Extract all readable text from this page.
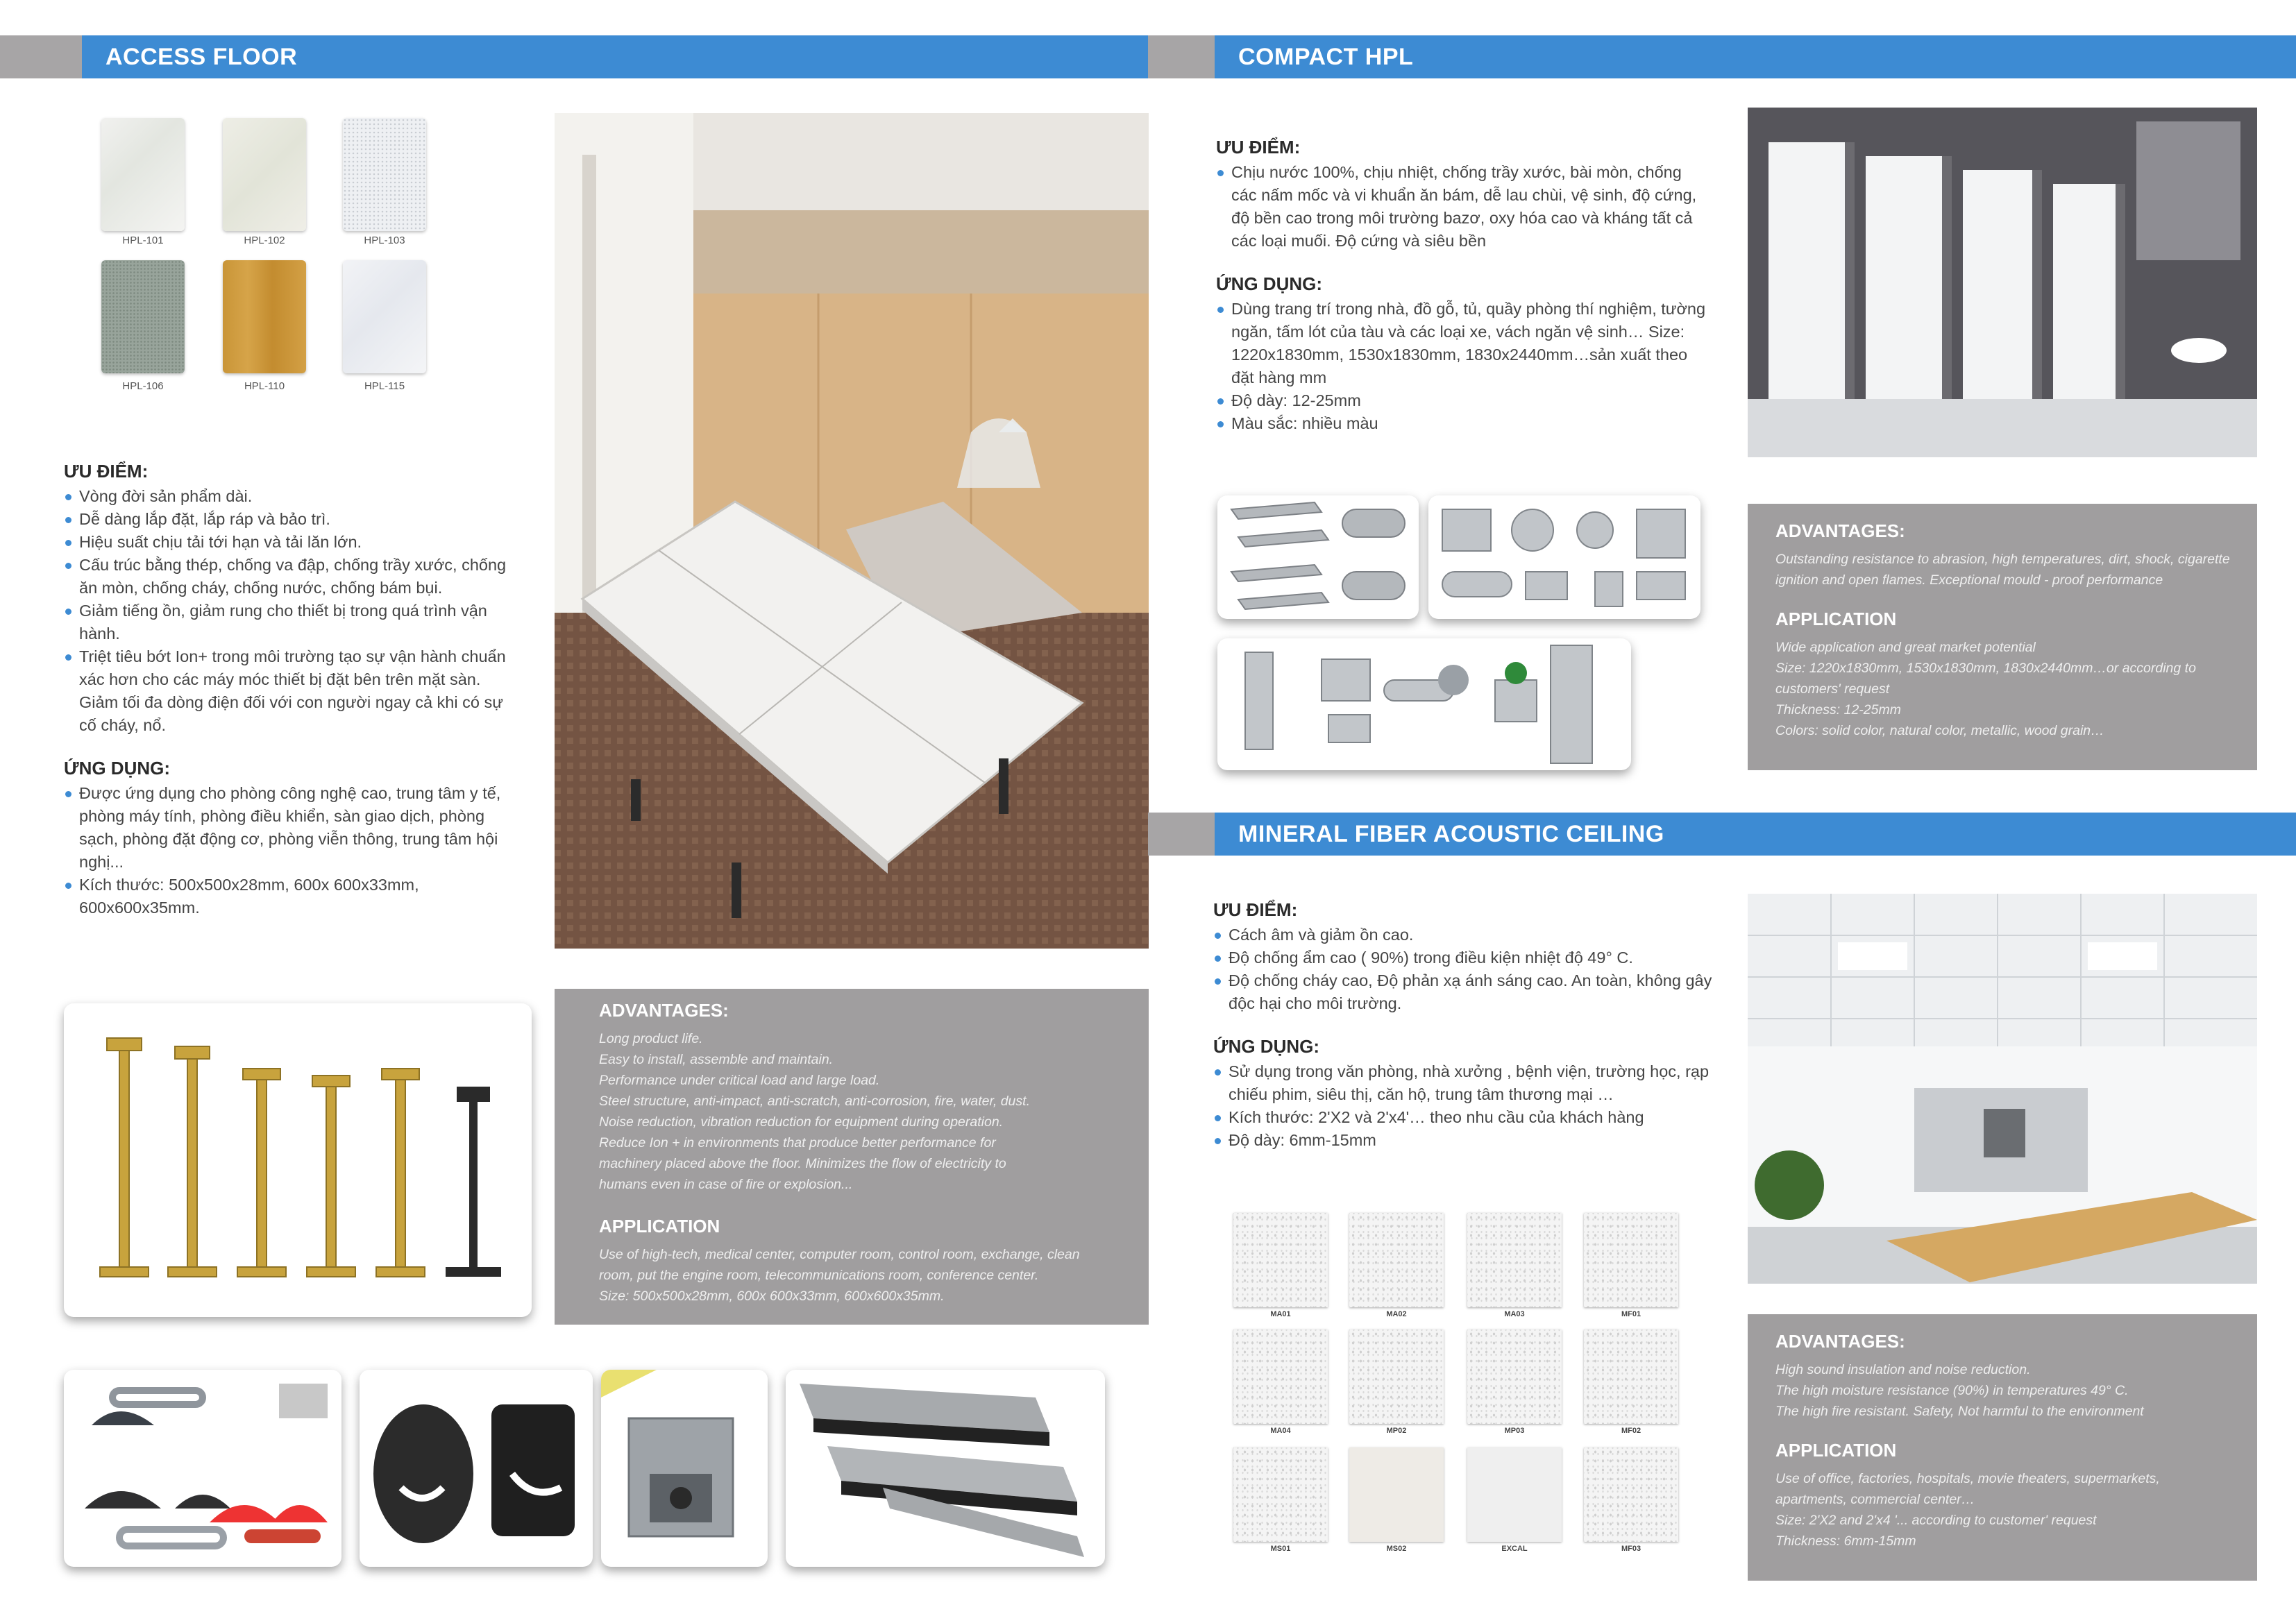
ACCESS FLOOR
HPL-101	HPL-102	HPL-103
HPL-106	HPL-110	HPL-115
ƯU ĐIỂM:
Vòng đời sản phẩm dài.
Dễ dàng lắp đặt, lắp ráp và bảo trì.
Hiệu suất chịu tải tới hạn và tải lăn lớn.
Cấu trúc bằng thép, chống va đập, chống trầy xước, chống ăn mòn, chống cháy, chống nước, chống bám bụi.
Giảm tiếng ồn, giảm rung cho thiết bị trong quá trình vận hành.
Triệt tiêu bớt Ion+ trong môi trường tạo sự vận hành chuẩn xác hơn cho các máy móc thiết bị đặt bên trên mặt sàn. Giảm tối đa dòng điện đối với con người ngay cả khi có sự cố cháy, nổ.
ỨNG DỤNG:
Được ứng dụng cho phòng công nghệ cao, trung tâm y tế, phòng máy tính, phòng điều khiển, sàn giao dịch, phòng sạch, phòng đặt động cơ, phòng viễn thông, trung tâm hội nghị...
Kích thước: 500x500x28mm, 600x 600x33mm, 600x600x35mm.
ADVANTAGES:

Long product life.

Easy to install, assemble and maintain.

Performance under critical load and large load.

Steel structure, anti-impact, anti-scratch, anti-corrosion, fire, water, dust.

Noise reduction, vibration reduction for equipment during operation.

Reduce Ion + in environments that produce better performance for

machinery placed above the floor. Minimizes the flow of electricity to

humans even in case of fire or explosion...

APPLICATION

Use of high-tech, medical center, computer room, control room, exchange, clean

room, put the engine room, telecommunications room, conference center.

Size: 500x500x28mm, 600x 600x33mm, 600x600x35mm.

COMPACT HPL
ƯU ĐIỂM:
Chịu nước 100%, chịu nhiệt, chống trầy xước, bài mòn, chống các nấm mốc và vi khuẩn ăn bám, dễ lau chùi, vệ sinh, độ cứng, độ bền cao trong môi trường bazơ, oxy hóa cao và kháng tất cả các loại muối. Độ cứng và siêu bền
ỨNG DỤNG:
Dùng trang trí trong nhà, đồ gỗ, tủ, quầy phòng thí nghiệm, tường ngăn, tấm lót của tàu và các loại xe, vách ngăn vệ sinh… Size: 1220x1830mm, 1530x1830mm, 1830x2440mm…sản xuất theo đặt hàng mm
Độ dày: 12-25mm
Màu sắc: nhiều màu
ADVANTAGES:

Outstanding resistance to abrasion, high temperatures, dirt, shock, cigarette

ignition and open flames. Exceptional mould - proof performance

APPLICATION

Wide application and great market potential

Size: 1220x1830mm, 1530x1830mm, 1830x2440mm…or according to

customers' request

Thickness: 12-25mm

Colors: solid color, natural color, metallic, wood grain…

MINERAL FIBER ACOUSTIC CEILING
ƯU ĐIỂM:
Cách âm và giảm ồn cao.
Độ chống ẩm cao ( 90%) trong điều kiện nhiệt độ 49° C.
Độ chống cháy cao, Độ phản xạ ánh sáng cao. An toàn, không gây độc hại cho môi trường.
ỨNG DỤNG:
Sử dụng trong văn phòng, nhà xưởng , bệnh viện, trường học, rạp chiếu phim, siêu thị, căn hộ, trung tâm thương mại …
Kích thước: 2'X2 và 2'x4'… theo nhu cầu của khách hàng
Độ dày: 6mm-15mm
MA01	MA02	MA03	MF01
MA04	MP02	MP03	MF02
MS01	MS02	EXCAL	MF03
ADVANTAGES:

High sound insulation and noise reduction.

The high moisture resistance (90%) in temperatures 49° C.

The high fire resistant. Safety, Not harmful to the environment

APPLICATION

Use of office, factories, hospitals, movie theaters, supermarkets,

apartments, commercial center…

Size: 2'X2 and 2'x4 '... according to customer' request

Thickness: 6mm-15mm
